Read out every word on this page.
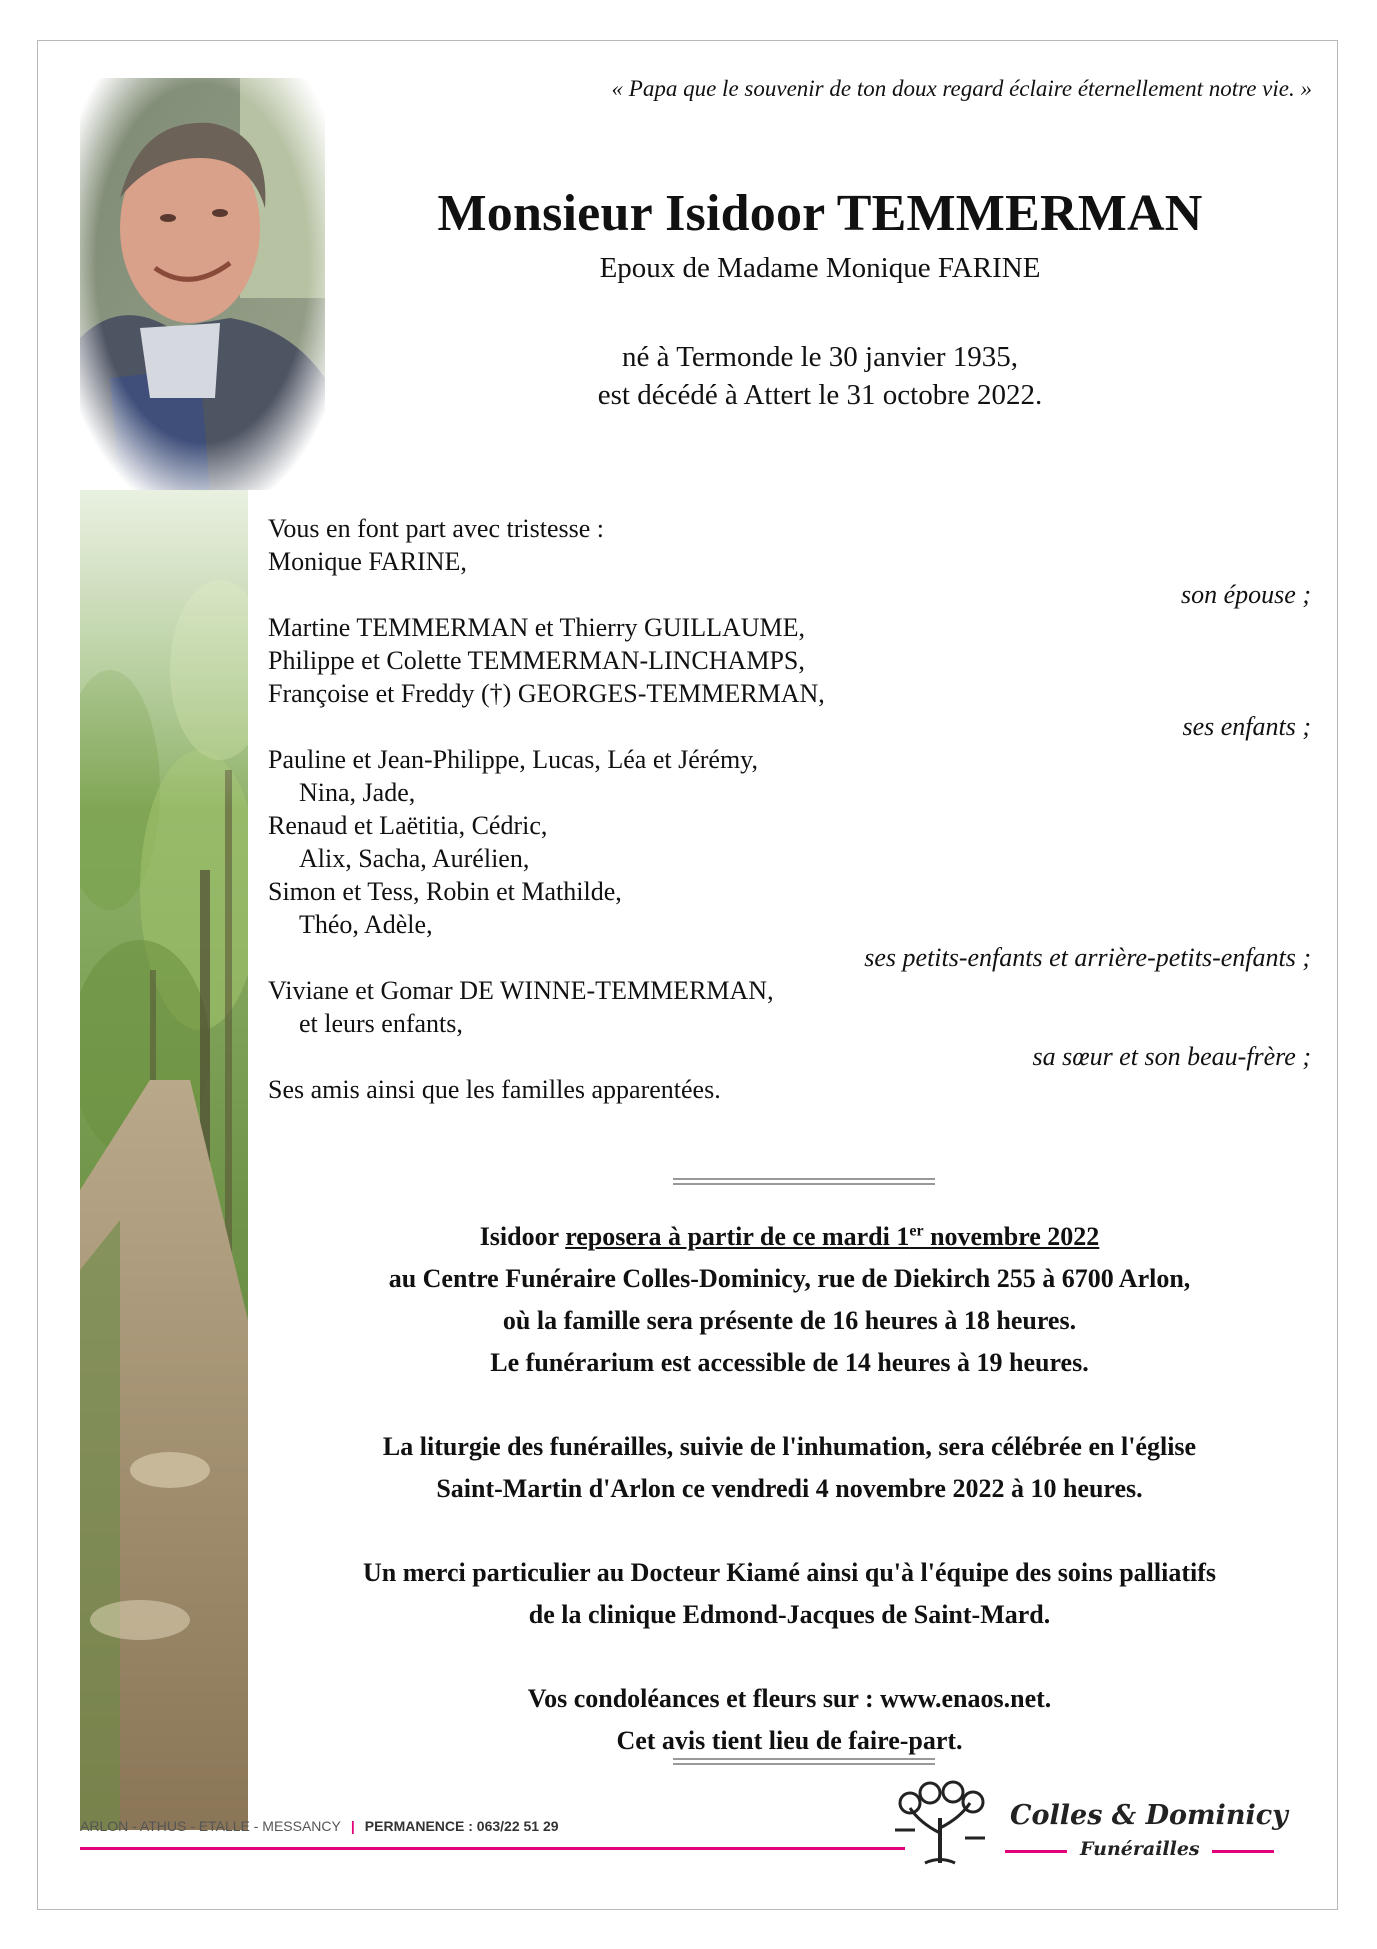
« Papa que le souvenir de ton doux regard éclaire éternellement notre vie. »
Monsieur Isidoor TEMMERMAN
Epoux de Madame Monique FARINE
né à Termonde le 30 janvier 1935,
est décédé à Attert le 31 octobre 2022.
Vous en font part avec tristesse :
Monique FARINE,
son épouse ;
Martine TEMMERMAN et Thierry GUILLAUME,
Philippe et Colette TEMMERMAN-LINCHAMPS,
Françoise et Freddy (†) GEORGES-TEMMERMAN,
ses enfants ;
Pauline et Jean-Philippe, Lucas, Léa et Jérémy,
Nina, Jade,
Renaud et Laëtitia, Cédric,
Alix, Sacha, Aurélien,
Simon et Tess, Robin et Mathilde,
Théo, Adèle,
ses petits-enfants et arrière-petits-enfants ;
Viviane et Gomar DE WINNE-TEMMERMAN,
et leurs enfants,
sa sœur et son beau-frère ;
Ses amis ainsi que les familles apparentées.
Isidoor reposera à partir de ce mardi 1er novembre 2022
au Centre Funéraire Colles-Dominicy, rue de Diekirch 255 à 6700 Arlon,
où la famille sera présente de 16 heures à 18 heures.
Le funérarium est accessible de 14 heures à 19 heures.
La liturgie des funérailles, suivie de l'inhumation, sera célébrée en l'église
Saint-Martin d'Arlon ce vendredi 4 novembre 2022 à 10 heures.
Un merci particulier au Docteur Kiamé ainsi qu'à l'équipe des soins palliatifs
de la clinique Edmond-Jacques de Saint-Mard.
Vos condoléances et fleurs sur : www.enaos.net.
Cet avis tient lieu de faire-part.
ARLON - ATHUS - ETALLE - MESSANCY | PERMANENCE : 063/22 51 29	Colles & Dominicy
Funérailles
